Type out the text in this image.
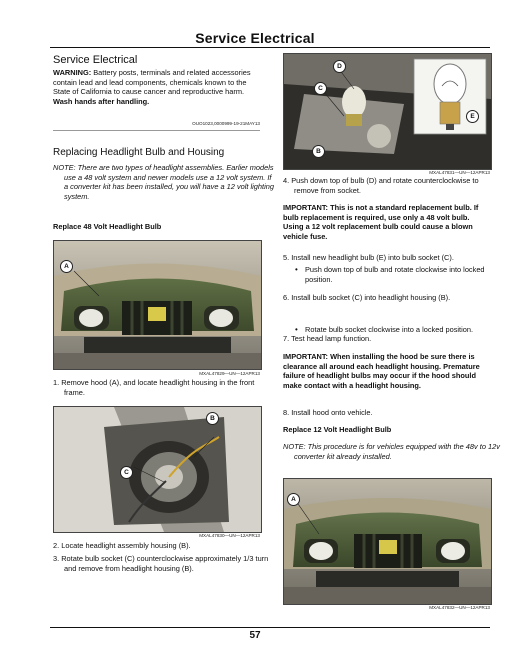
Service Electrical
Service Electrical
WARNING: Battery posts, terminals and related accessories contain lead and lead components, chemicals known to the State of California to cause cancer and reproductive harm. Wash hands after handling.
OUO1023,0000999-19-21MAY13
Replacing Headlight Bulb and Housing
NOTE: There are two types of headlight assemblies. Earlier models use a 48 volt system and newer models use a 12 volt system. If a converter kit has been installed, you will have a 12 volt lighting system.
Replace 48 Volt Headlight Bulb
A
MXAL47829—UN—12APR13
1. Remove hood (A), and locate headlight housing in the front frame.
B
C
MXAL47830—UN—12APR13
2. Locate headlight assembly housing (B).
3. Rotate bulb socket (C) counterclockwise approximately 1/3 turn and remove from headlight housing (B).
D
C
E
B
MXAL47831—UN—12APR13
4. Push down top of bulb (D) and rotate counterclockwise to remove from socket.
IMPORTANT: This is not a standard replacement bulb. If bulb replacement is required, use only a 48 volt bulb. Using a 12 volt replacement bulb could cause a blown vehicle fuse.
5. Install new headlight bulb (E) into bulb socket (C).
• Push down top of bulb and rotate clockwise into locked position.
6. Install bulb socket (C) into headlight housing (B).
• Rotate bulb socket clockwise into a locked position.
7. Test head lamp function.
IMPORTANT: When installing the hood be sure there is clearance all around each headlight housing. Premature failure of headlight bulbs may occur if the hood should make contact with a headlight housing.
8. Install hood onto vehicle.
Replace 12 Volt Headlight Bulb
NOTE: This procedure is for vehicles equipped with the 48v to 12v converter kit already installed.
A
MXAL47832—UN—12APR13
57
